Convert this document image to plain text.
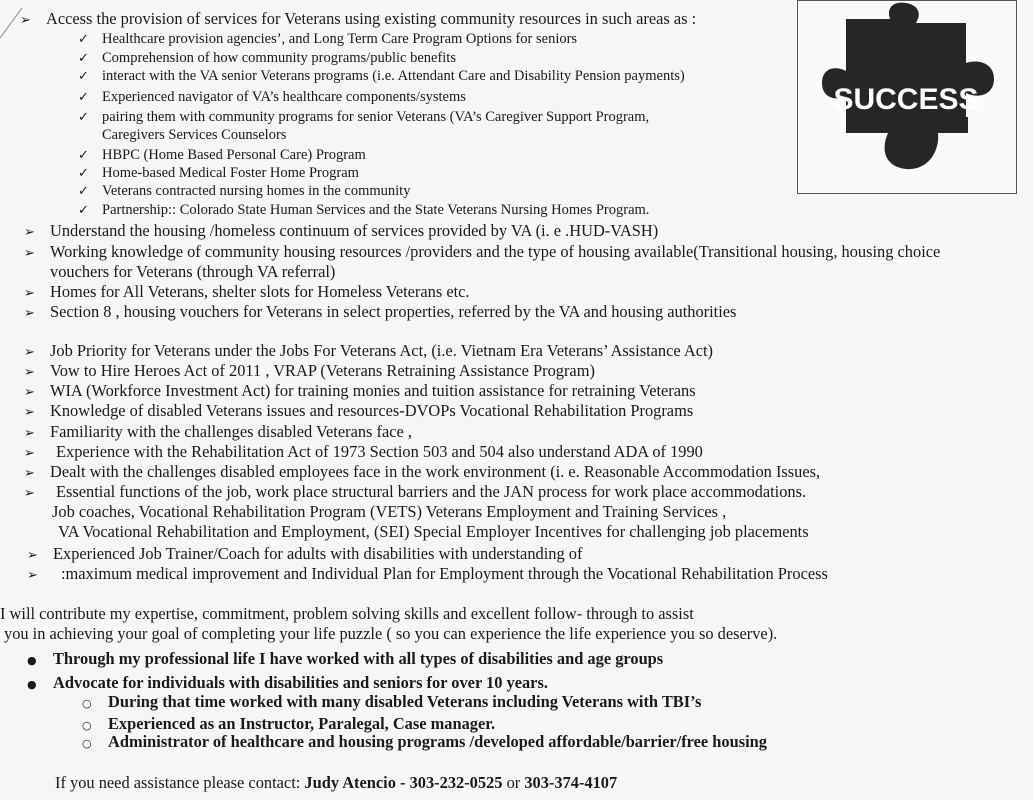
SUCCESS
➢ Access the provision of services for Veterans using existing community resources in such areas as :
✓ Healthcare provision agencies’, and Long Term Care Program Options for seniors
✓ Comprehension of how community programs/public benefits
✓ interact with the VA senior Veterans programs (i.e. Attendant Care and Disability Pension payments)
✓ Experienced navigator of VA’s healthcare components/systems
✓ pairing them with community programs for senior Veterans (VA’s Caregiver Support Program,
Caregivers Services Counselors
✓ HBPC (Home Based Personal Care) Program
✓ Home-based Medical Foster Home Program
✓ Veterans contracted nursing homes in the community
✓ Partnership:: Colorado State Human Services and the State Veterans Nursing Homes Program.
➢ Understand the housing /homeless continuum of services provided by VA (i. e .HUD-VASH)
➢ Working knowledge of community housing resources /providers and the type of housing available(Transitional housing, housing choice
vouchers for Veterans (through VA referral)
➢ Homes for All Veterans, shelter slots for Homeless Veterans etc.
➢ Section 8 , housing vouchers for Veterans in select properties, referred by the VA and housing authorities
➢ Job Priority for Veterans under the Jobs For Veterans Act, (i.e. Vietnam Era Veterans’ Assistance Act)
➢ Vow to Hire Heroes Act of 2011 , VRAP (Veterans Retraining Assistance Program)
➢ WIA (Workforce Investment Act) for training monies and tuition assistance for retraining Veterans
➢ Knowledge of disabled Veterans issues and resources-DVOPs Vocational Rehabilitation Programs
➢ Familiarity with the challenges disabled Veterans face ,
➢ Experience with the Rehabilitation Act of 1973 Section 503 and 504 also understand ADA of 1990
➢ Dealt with the challenges disabled employees face in the work environment (i. e. Reasonable Accommodation Issues,
➢ Essential functions of the job, work place structural barriers and the JAN process for work place accommodations.
Job coaches, Vocational Rehabilitation Program (VETS) Veterans Employment and Training Services ,
VA Vocational Rehabilitation and Employment, (SEI) Special Employer Incentives for challenging job placements
➢ Experienced Job Trainer/Coach for adults with disabilities with understanding of
➢ :maximum medical improvement and Individual Plan for Employment through the Vocational Rehabilitation Process
I will contribute my expertise, commitment, problem solving skills and excellent follow- through to assist
you in achieving your goal of completing your life puzzle ( so you can experience the life experience you so deserve).
● Through my professional life I have worked with all types of disabilities and age groups
● Advocate for individuals with disabilities and seniors for over 10 years.
○ During that time worked with many disabled Veterans including Veterans with TBI’s
○ Experienced as an Instructor, Paralegal, Case manager.
○ Administrator of healthcare and housing programs /developed affordable/barrier/free housing
If you need assistance please contact: Judy Atencio - 303-232-0525 or 303-374-4107
